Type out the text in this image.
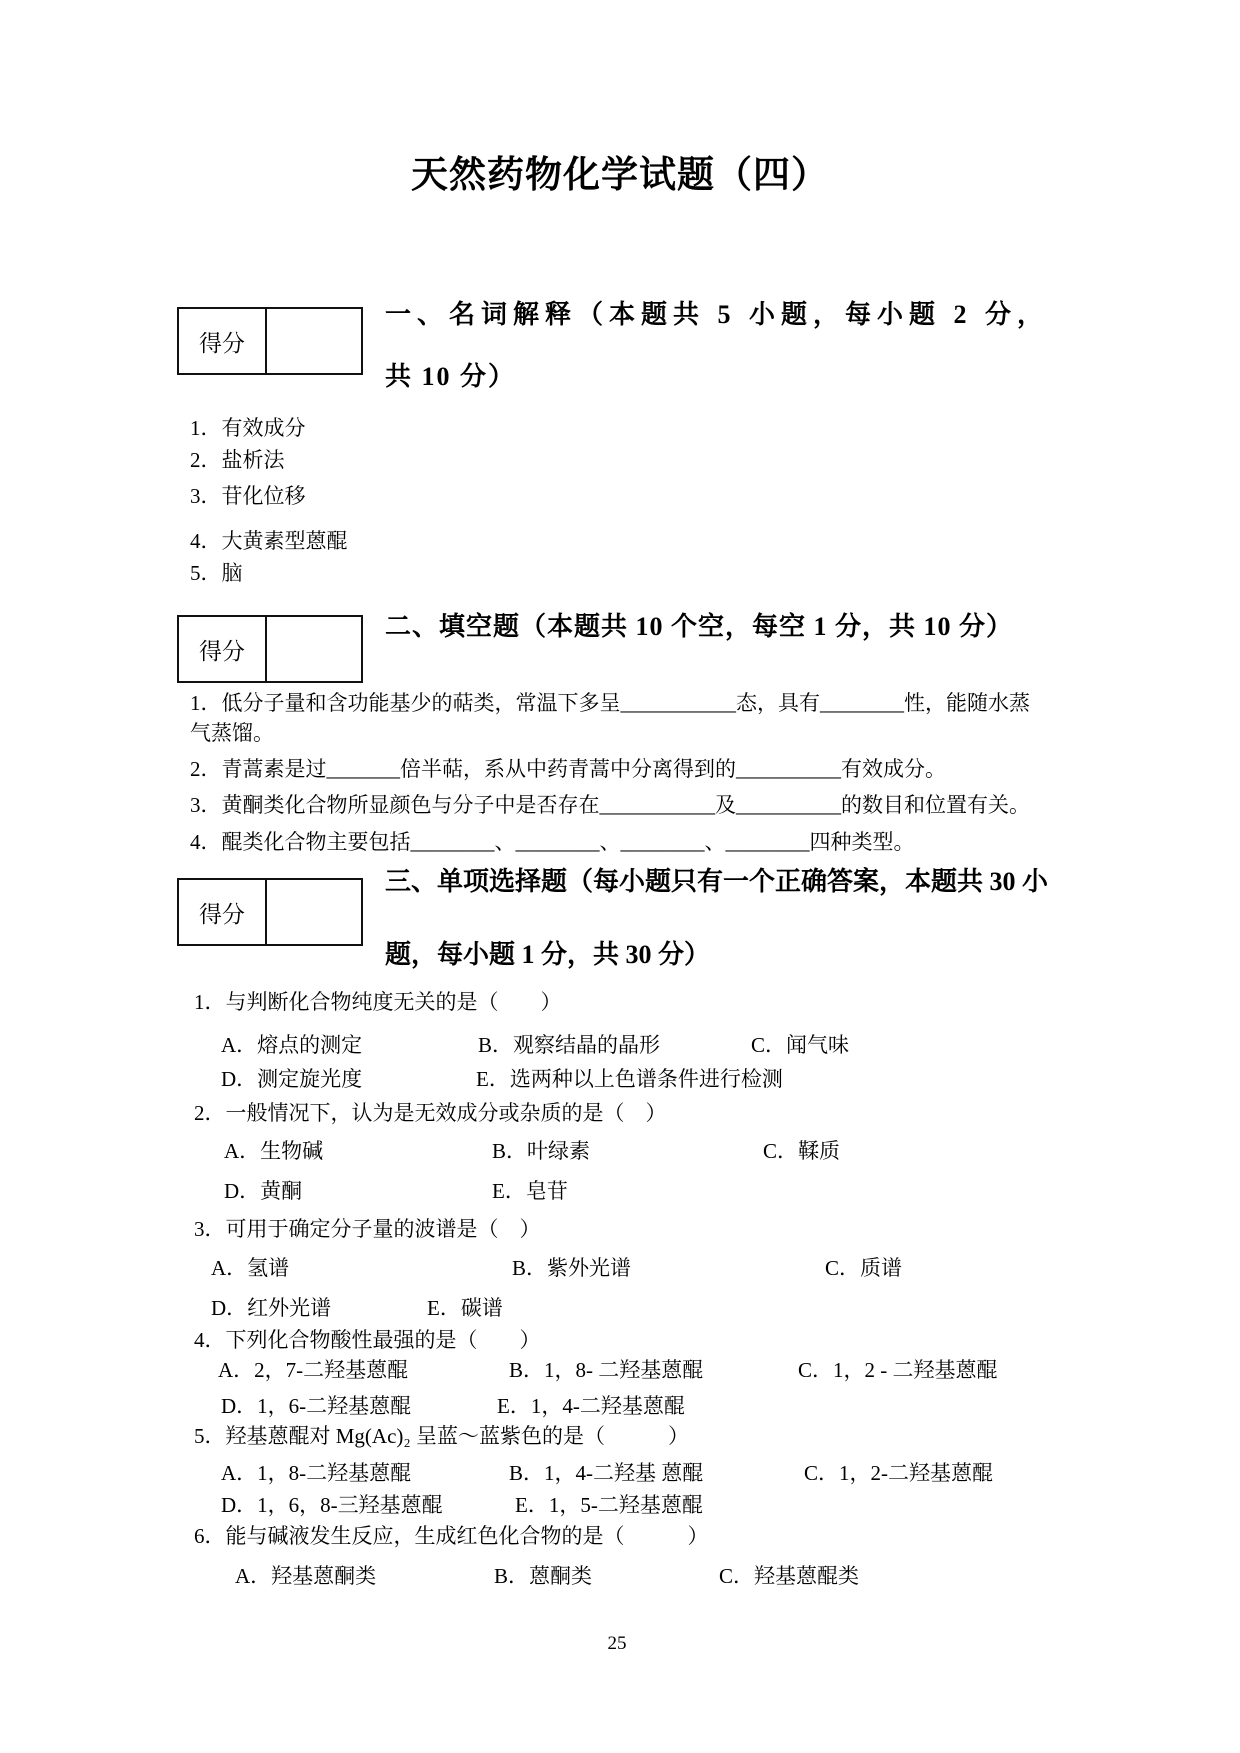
天然药物化学试题（四）
得分

一、名词解释（本题共 5 小题，每小题 2 分，

共 10 分）

1．有效成分
2．盐析法
3．苷化位移
4．大黄素型蒽醌
5．脑
得分

二、填空题（本题共 10 个空，每空 1 分，共 10 分）

1．低分子量和含功能基少的萜类，常温下多呈___________态，具有________性，能随水蒸
气蒸馏。
2．青蒿素是过_______倍半萜，系从中药青蒿中分离得到的__________有效成分。
3．黄酮类化合物所显颜色与分子中是否存在___________及__________的数目和位置有关。
4．醌类化合物主要包括________、________、________、________四种类型。
得分

三、单项选择题（每小题只有一个正确答案，本题共 30 小

题，每小题 1 分，共 30 分）

1．与判断化合物纯度无关的是（　　）
A．熔点的测定	B．观察结晶的晶形	C．闻气味
D．测定旋光度	E．选两种以上色谱条件进行检测
2．一般情况下，认为是无效成分或杂质的是（　）
A．生物碱	B．叶绿素	C．鞣质
D．黄酮	E．皂苷
3．可用于确定分子量的波谱是（　）
A．氢谱	B．紫外光谱	C．质谱
D．红外光谱	E．碳谱
4．下列化合物酸性最强的是（　　）
A．2，7-二羟基蒽醌	B．1，8- 二羟基蒽醌	C．1，2 - 二羟基蒽醌
D．1，6-二羟基蒽醌	E．1，4-二羟基蒽醌
5．羟基蒽醌对 Mg(Ac)₂ 呈蓝～蓝紫色的是（　　　）
A．1，8-二羟基蒽醌	B．1，4-二羟基 蒽醌	C．1，2-二羟基蒽醌
D．1，6，8-三羟基蒽醌	E．1，5-二羟基蒽醌
6．能与碱液发生反应，生成红色化合物的是（　　　）
A．羟基蒽酮类	B．蒽酮类	C．羟基蒽醌类
25
